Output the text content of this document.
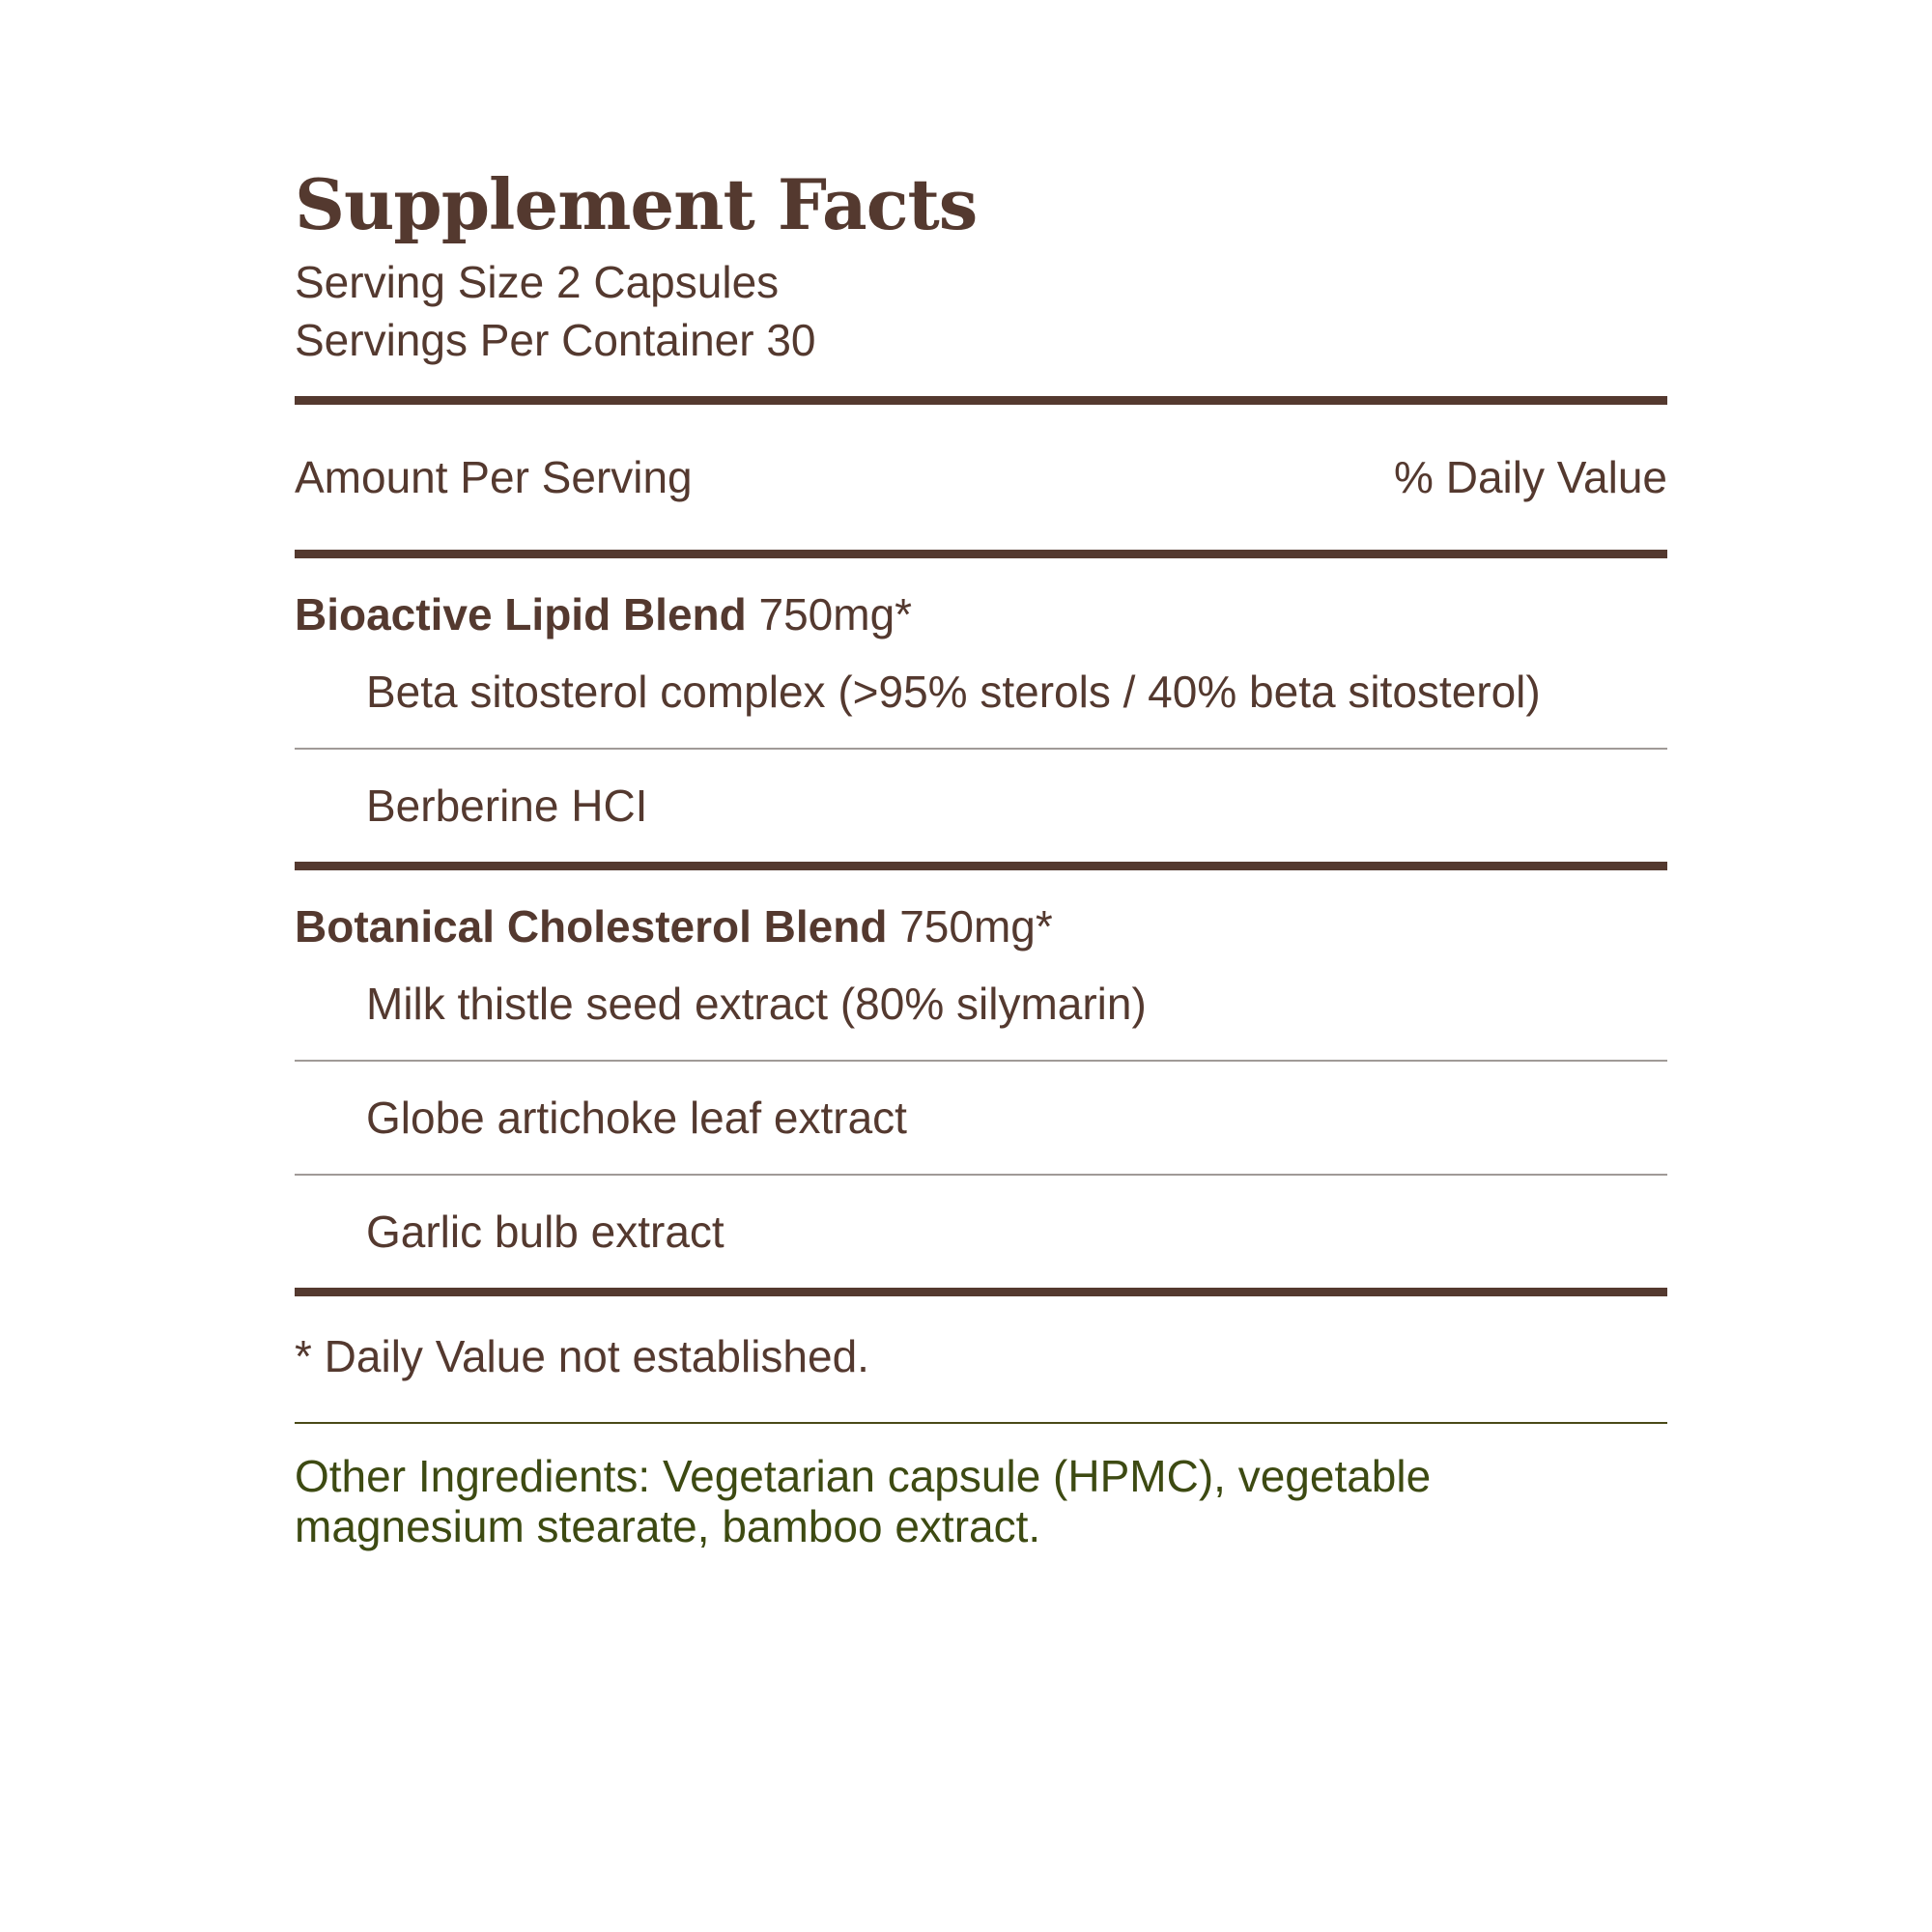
Supplement Facts
Serving Size 2 Capsules
Servings Per Container 30
Amount Per Serving	% Daily Value
Bioactive Lipid Blend 750mg*
Beta sitosterol complex (>95% sterols / 40% beta sitosterol)
Berberine HCI
Botanical Cholesterol Blend 750mg*
Milk thistle seed extract (80% silymarin)
Globe artichoke leaf extract
Garlic bulb extract
* Daily Value not established.
Other Ingredients: Vegetarian capsule (HPMC), vegetable
magnesium stearate, bamboo extract.
